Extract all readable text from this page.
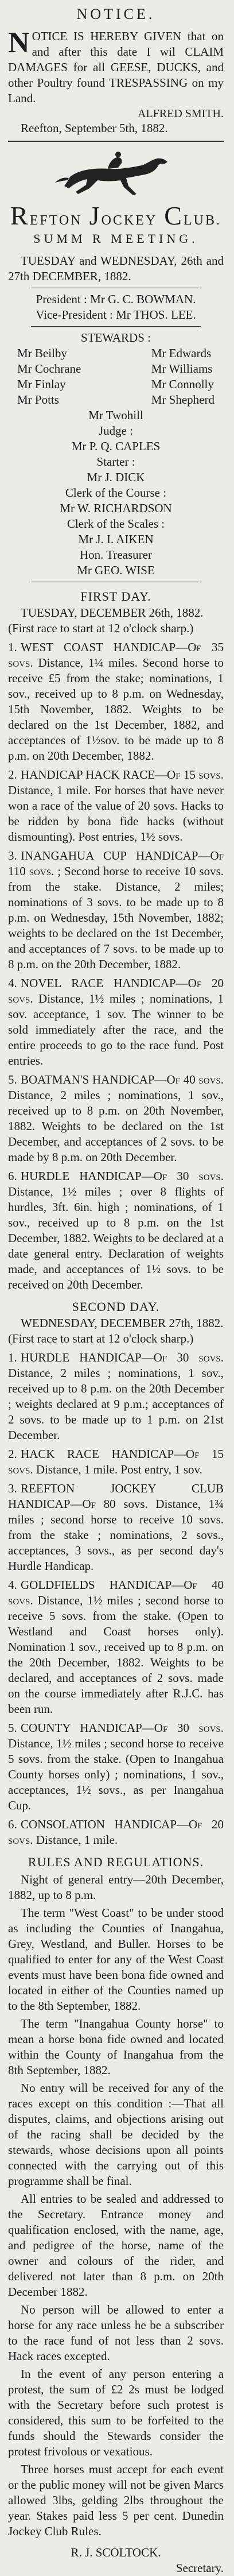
NOTICE.
N OTICE IS HEREBY GIVEN that on and after this date I wil CLAIM DAMAGES for all GEESE, DUCKS, and other Poultry found TRESPASSING on my Land.

ALFRED SMITH.

Reefton, September 5th, 1882.

REFTON JOCKEY CLUB.
SUMM R MEETING.

TUESDAY and WEDNESDAY, 26th and 27th DECEMBER, 1882.

President : Mr G. C. BOWMAN.

Vice-President : Mr THOS. LEE.

STEWARDS :

Mr Beilby
Mr Cochrane
Mr Finlay
Mr Potts
Mr Edwards
Mr Williams
Mr Connolly
Mr Shepherd

Mr Twohill

Judge :

Mr P. Q. CAPLES

Starter :

Mr J. DICK

Clerk of the Course :

Mr W. RICHARDSON

Clerk of the Scales :

Mr J. I. AIKEN

Hon. Treasurer

Mr GEO. WISE

FIRST DAY.

TUESDAY, DECEMBER 26th, 1882.

(First race to start at 12 o'clock sharp.)

1. WEST COAST HANDICAP—Of 35 sovs. Distance, 1¼ miles. Second horse to receive £5 from the stake; nominations, 1 sov., received up to 8 p.m. on Wednesday, 15th November, 1882. Weights to be declared on the 1st December, 1882, and acceptances of 1½sov. to be made up to 8 p.m. on 20th December, 1882.

2. HANDICAP HACK RACE—Of 15 sovs. Distance, 1 mile. For horses that have never won a race of the value of 20 sovs. Hacks to be ridden by bona fide hacks (without dismounting). Post entries, 1½ sovs.

3. INANGAHUA CUP HANDICAP—Of 110 sovs. ; Second horse to receive 10 sovs. from the stake. Distance, 2 miles; nominations of 3 sovs. to be made up to 8 p.m. on Wednesday, 15th November, 1882; weights to be declared on the 1st December, and acceptances of 7 sovs. to be made up to 8 p.m. on the 20th December, 1882.

4. NOVEL RACE HANDICAP—Of 20 sovs. Distance, 1½ miles ; nominations, 1 sov. acceptance, 1 sov. The winner to be sold immediately after the race, and the entire proceeds to go to the race fund. Post entries.

5. BOATMAN'S HANDICAP—Of 40 sovs. Distance, 2 miles ; nominations, 1 sov., received up to 8 p.m. on 20th November, 1882. Weights to be declared on the 1st December, and acceptances of 2 sovs. to be made by 8 p.m. on 20th December.

6. HURDLE HANDICAP—Of 30 sovs. Distance, 1½ miles ; over 8 flights of hurdles, 3ft. 6in. high ; nominations, of 1 sov., received up to 8 p.m. on the 1st December, 1882. Weights to be declared at a date general entry. Declaration of weights made, and acceptances of 1½ sovs. to be received on 20th December.

SECOND DAY.

WEDNESDAY, DECEMBER 27th, 1882.

(First race to start at 12 o'clock sharp.)

1. HURDLE HANDICAP—Of 30 sovs. Distance, 2 miles ; nominations, 1 sov., received up to 8 p.m. on the 20th December ; weights declared at 9 p.m.; acceptances of 2 sovs. to be made up to 1 p.m. on 21st December.

2. HACK RACE HANDICAP—Of 15 sovs. Distance, 1 mile. Post entry, 1 sov.

3. REEFTON JOCKEY CLUB HANDICAP—Of 80 sovs. Distance, 1¾ miles ; second horse to receive 10 sovs. from the stake ; nominations, 2 sovs., acceptances, 3 sovs., as per second day's Hurdle Handicap.

4. GOLDFIELDS HANDICAP—Of 40 sovs. Distance, 1½ miles ; second horse to receive 5 sovs. from the stake. (Open to Westland and Coast horses only). Nomination 1 sov., received up to 8 p.m. on the 20th December, 1882. Weights to be declared, and acceptances of 2 sovs. made on the course immediately after R.J.C. has been run.

5. COUNTY HANDICAP—Of 30 sovs. Distance, 1½ miles ; second horse to receive 5 sovs. from the stake. (Open to Inangahua County horses only) ; nominations, 1 sov., acceptances, 1½ sovs., as per Inangahua Cup.

6. CONSOLATION HANDICAP—Of 20 sovs. Distance, 1 mile.

RULES AND REGULATIONS.

Night of general entry—20th December, 1882, up to 8 p.m.

The term "West Coast" to be under stood as including the Counties of Inangahua, Grey, Westland, and Buller. Horses to be qualified to enter for any of the West Coast events must have been bona fide owned and located in either of the Counties named up to the 8th September, 1882.

The term "Inangahua County horse" to mean a horse bona fide owned and located within the County of Inangahua from the 8th September, 1882.

No entry will be received for any of the races except on this condition :—That all disputes, claims, and objections arising out of the racing shall be decided by the stewards, whose decisions upon all points connected with the carrying out of this programme shall be final.

All entries to be sealed and addressed to the Secretary. Entrance money and qualification enclosed, with the name, age, and pedigree of the horse, name of the owner and colours of the rider, and delivered not later than 8 p.m. on 20th December 1882.

No person will be allowed to enter a horse for any race unless he be a subscriber to the race fund of not less than 2 sovs. Hack races excepted.

In the event of any person entering a protest, the sum of £2 2s must be lodged with the Secretary before such protest is considered, this sum to be forfeited to the funds should the Stewards consider the protest frivolous or vexatious.

Three horses must accept for each event or the public money will not be given Marcs allowed 3lbs, gelding 2lbs throughout the year. Stakes paid less 5 per cent. Dunedin Jockey Club Rules.

R. J. SCOLTOCK.

Secretary.
